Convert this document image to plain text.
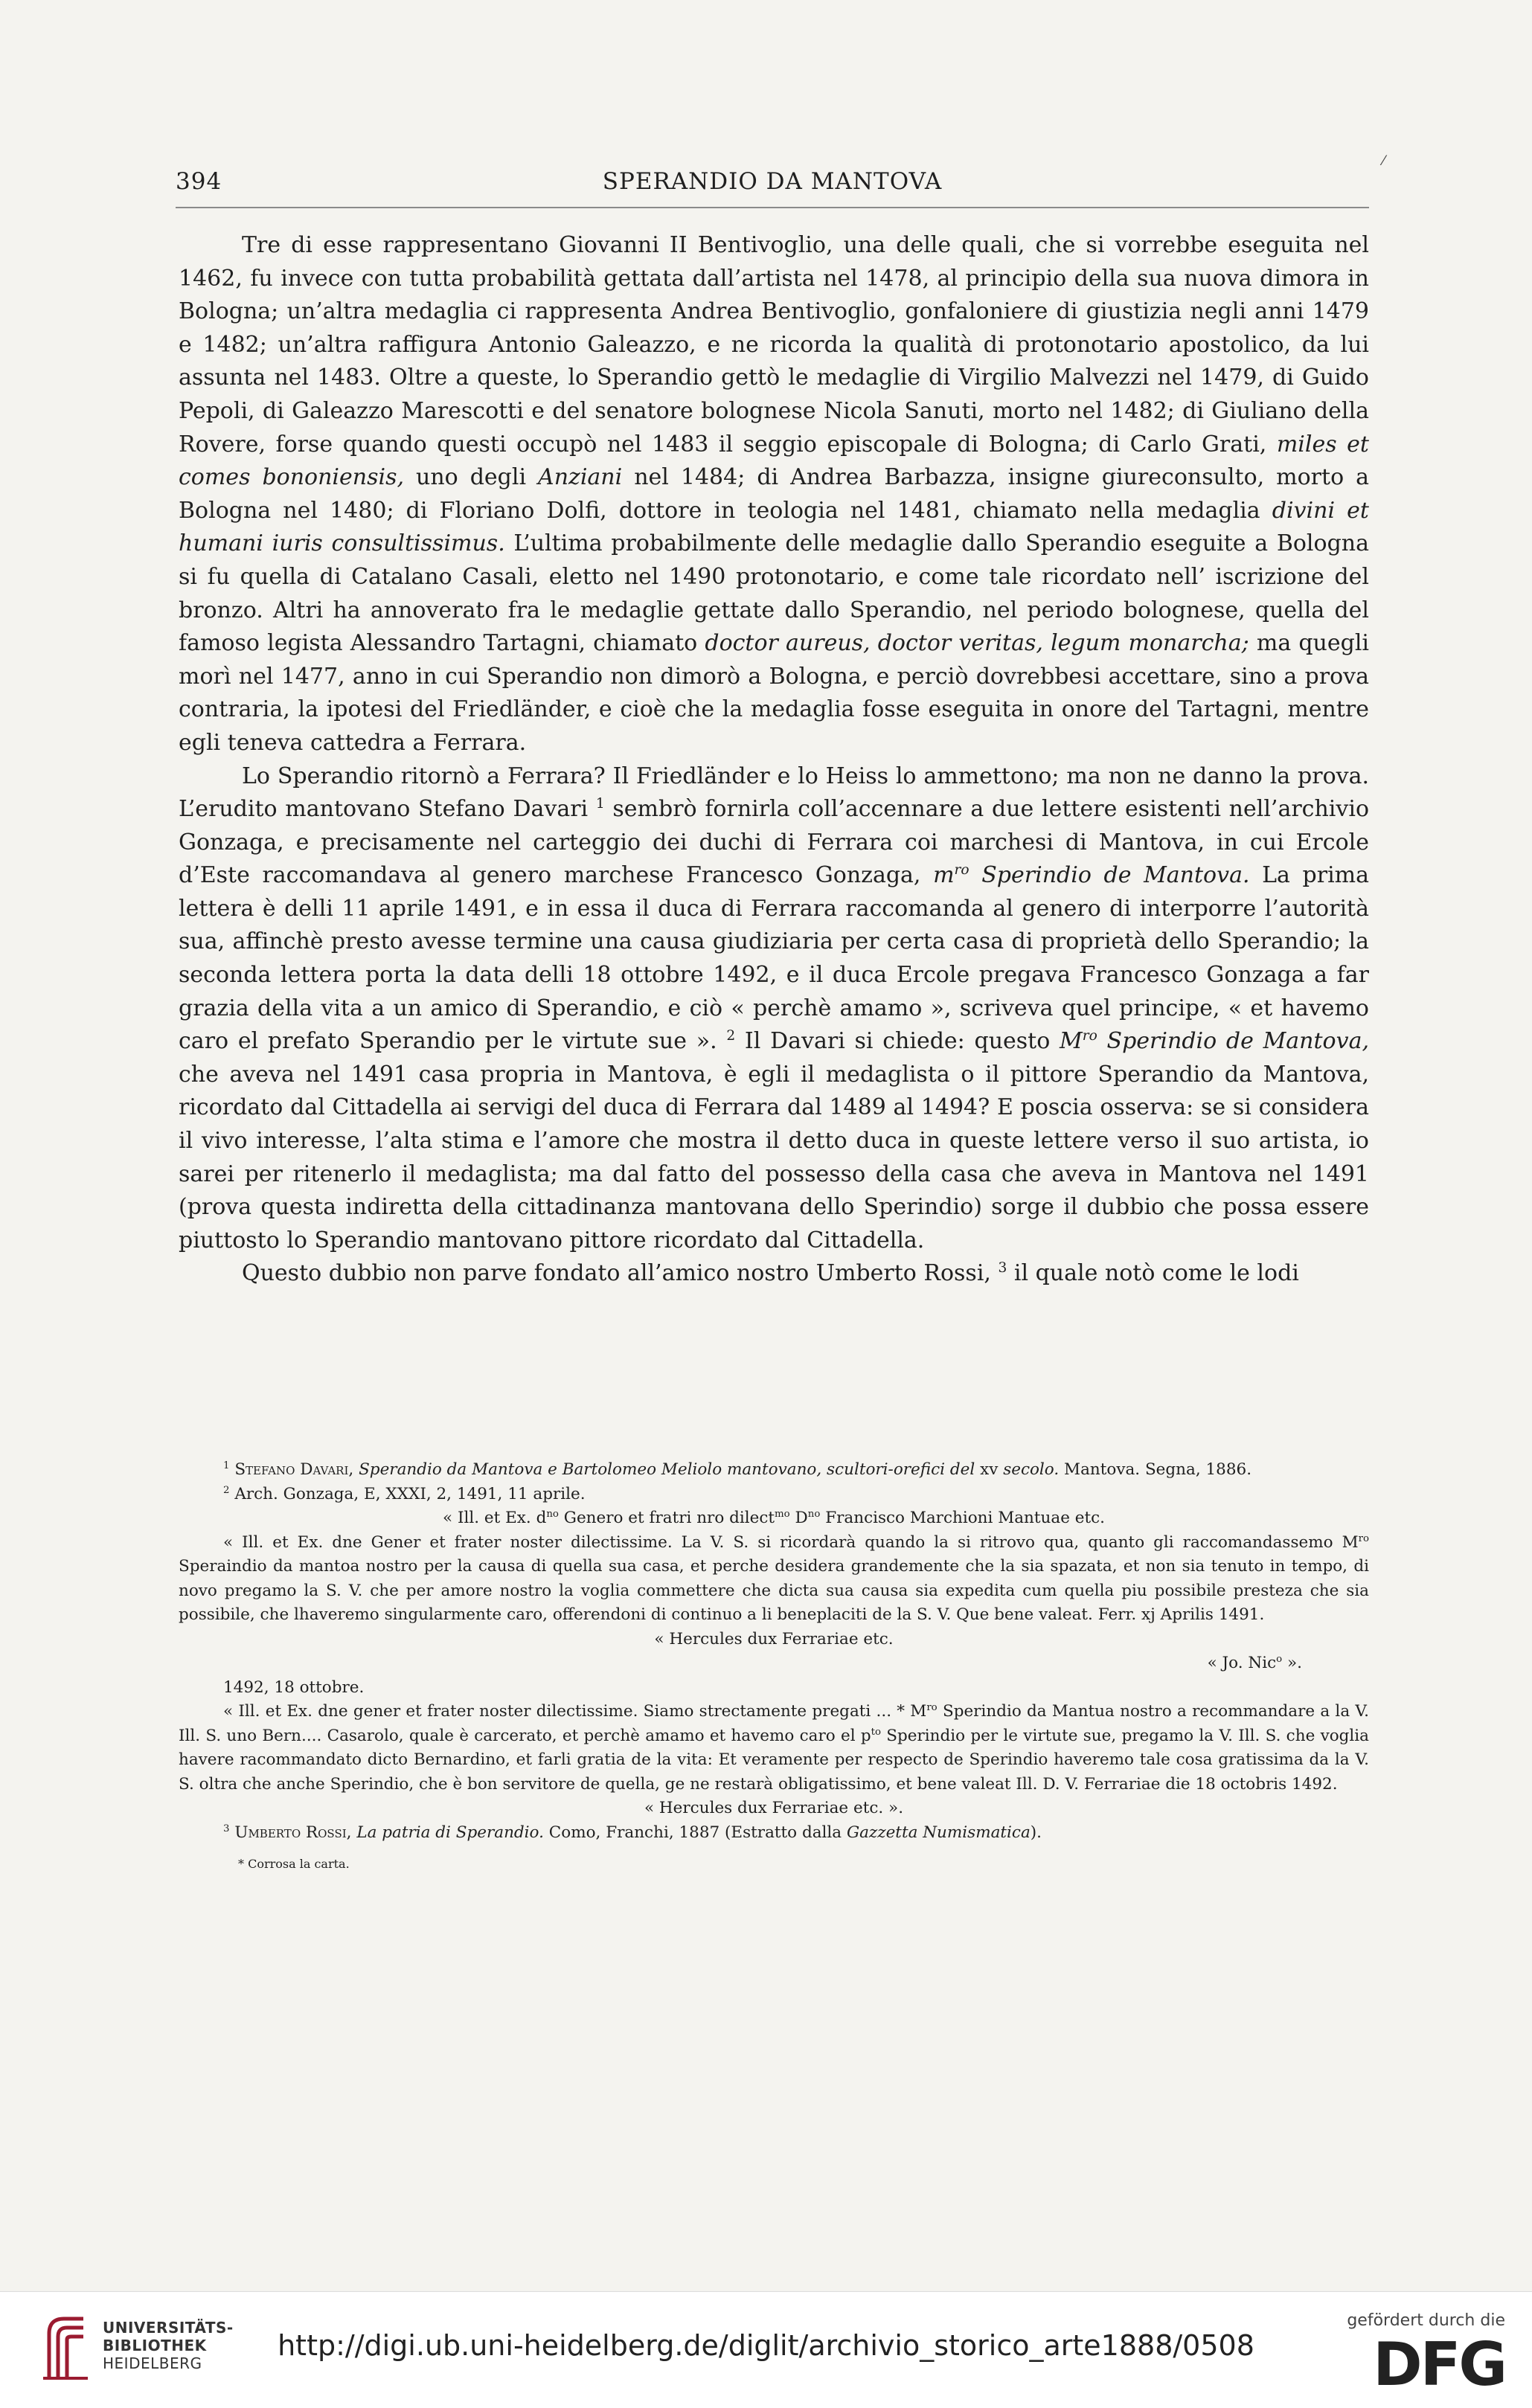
⁄
394	SPERANDIO DA MANTOVA

Tre di esse rappresentano Giovanni II Bentivoglio, una delle quali, che si vorrebbe eseguita nel 1462, fu invece con tutta probabilità gettata dall’artista nel 1478, al principio della sua nuova dimora in Bologna; un’altra medaglia ci rappresenta Andrea Bentivoglio, gonfaloniere di giustizia negli anni 1479 e 1482; un’altra raffigura Antonio Galeazzo, e ne ricorda la qualità di protonotario apostolico, da lui assunta nel 1483. Oltre a queste, lo Sperandio gettò le medaglie di Virgilio Malvezzi nel 1479, di Guido Pepoli, di Galeazzo Marescotti e del senatore bolognese Nicola Sanuti, morto nel 1482; di Giuliano della Rovere, forse quando questi occupò nel 1483 il seggio episcopale di Bologna; di Carlo Grati, miles et comes bononiensis, uno degli Anziani nel 1484; di Andrea Barbazza, insigne giureconsulto, morto a Bologna nel 1480; di Floriano Dolfi, dottore in teologia nel 1481, chiamato nella medaglia divini et humani iuris consultissimus. L’ultima probabilmente delle medaglie dallo Sperandio eseguite a Bologna si fu quella di Catalano Casali, eletto nel 1490 protonotario, e come tale ricordato nell’ iscrizione del bronzo. Altri ha annoverato fra le medaglie gettate dallo Sperandio, nel periodo bolognese, quella del famoso legista Alessandro Tartagni, chiamato doctor aureus, doctor veritas, legum monarcha; ma quegli morì nel 1477, anno in cui Sperandio non dimorò a Bologna, e perciò dovrebbesi accettare, sino a prova contraria, la ipotesi del Friedländer, e cioè che la medaglia fosse eseguita in onore del Tartagni, mentre egli teneva cattedra a Ferrara.

Lo Sperandio ritornò a Ferrara? Il Friedländer e lo Heiss lo ammettono; ma non ne danno la prova. L’erudito mantovano Stefano Davari $^1$ sembrò fornirla coll’accennare a due lettere esistenti nell’archivio Gonzaga, e precisamente nel carteggio dei duchi di Ferrara coi marchesi di Mantova, in cui Ercole d’Este raccomandava al genero marchese Francesco Gonzaga, $m^{ro}$ Sperindio de Mantova. La prima lettera è delli 11 aprile 1491, e in essa il duca di Ferrara raccomanda al genero di interporre l’autorità sua, affinchè presto avesse termine una causa giudiziaria per certa casa di proprietà dello Sperandio; la seconda lettera porta la data delli 18 ottobre 1492, e il duca Ercole pregava Francesco Gonzaga a far grazia della vita a un amico di Sperandio, e ciò « perchè amamo », scriveva quel principe, « et havemo caro el prefato Sperandio per le virtute sue ». $^2$ Il Davari si chiede: questo $M^{ro}$ Sperindio de Mantova, che aveva nel 1491 casa propria in Mantova, è egli il medaglista o il pittore Sperandio da Mantova, ricordato dal Cittadella ai servigi del duca di Ferrara dal 1489 al 1494? E poscia osserva: se si considera il vivo interesse, l’alta stima e l’amore che mostra il detto duca in queste lettere verso il suo artista, io sarei per ritenerlo il medaglista; ma dal fatto del possesso della casa che aveva in Mantova nel 1491 (prova questa indiretta della cittadinanza mantovana dello Sperindio) sorge il dubbio che possa essere piuttosto lo Sperandio mantovano pittore ricordato dal Cittadella.

Questo dubbio non parve fondato all’amico nostro Umberto Rossi, $^3$ il quale notò come le lodi

$^1$ Stefano Davari, Sperandio da Mantova e Bartolomeo Meliolo mantovano, scultori-orefici del xv secolo. Mantova. Segna, 1886.

$^2$ Arch. Gonzaga, E, XXXI, 2, 1491, 11 aprile.

« Ill. et Ex. $d^{no}$ Genero et fratri nro dilect$^{mo}$ $D^{no}$ Francisco Marchioni Mantuae etc.

« Ill. et Ex. dne Gener et frater noster dilectissime. La V. S. si ricordarà quando la si ritrovo qua, quanto gli raccomandassemo $M^{ro}$ Speraindio da mantoa nostro per la causa di quella sua casa, et perche desidera grandemente che la sia spazata, et non sia tenuto in tempo, di novo pregamo la S. V. che per amore nostro la voglia commettere che dicta sua causa sia expedita cum quella piu possibile presteza che sia possibile, che lhaveremo singularmente caro, offerendoni di continuo a li beneplaciti de la S. V. Que bene valeat. Ferr. xj Aprilis 1491.

« Hercules dux Ferrariae etc.

« Jo. Nic$^o$ ».

1492, 18 ottobre.

« Ill. et Ex. dne gener et frater noster dilectissime. Siamo strectamente pregati ... * $M^{ro}$ Sperindio da Mantua nostro a recommandare a la V. Ill. S. uno Bern.... Casarolo, quale è carcerato, et perchè amamo et havemo caro el $p^{to}$ Sperindio per le virtute sue, pregamo la V. Ill. S. che voglia havere racommandato dicto Bernardino, et farli gratia de la vita: Et veramente per respecto de Sperindio haveremo tale cosa gratissima da la V. S. oltra che anche Sperindio, che è bon servitore de quella, ge ne restarà obligatissimo, et bene valeat Ill. D. V. Ferrariae die 18 octobris 1492.

« Hercules dux Ferrariae etc. ».

$^3$ Umberto Rossi, La patria di Sperandio. Como, Franchi, 1887 (Estratto dalla Gazzetta Numismatica).

* Corrosa la carta.

UNIVERSITÄTS-
BIBLIOTHEK
HEIDELBERG
http://digi.ub.uni-heidelberg.de/diglit/archivio_storico_arte1888/0508
gefördert durch die
DFG
